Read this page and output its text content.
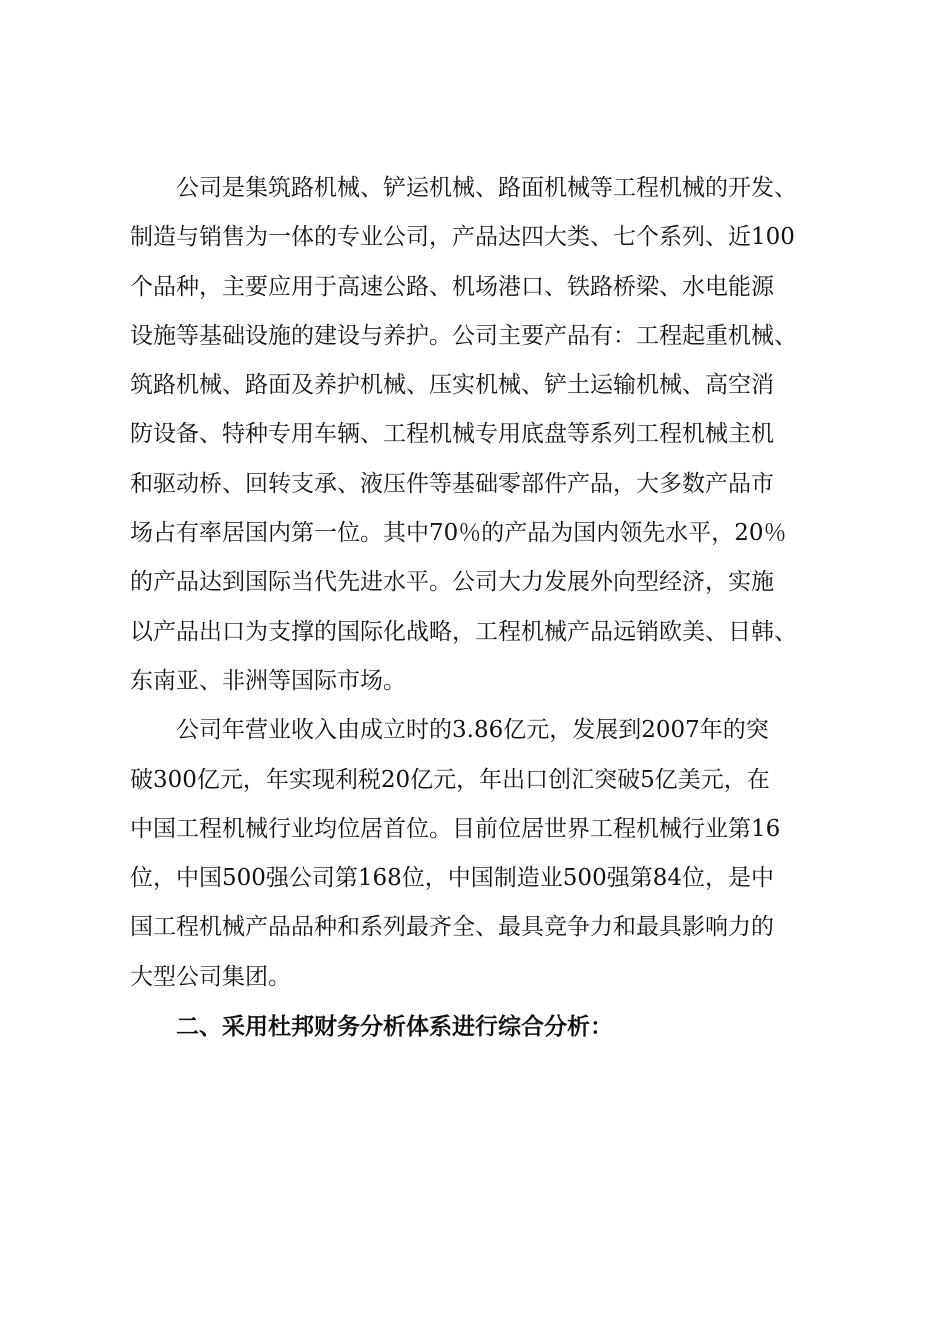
公司是集筑路机械、铲运机械、路面机械等工程机械的开发、
制造与销售为一体的专业公司，产品达四大类、七个系列、近100
个品种，主要应用于高速公路、机场港口、铁路桥梁、水电能源
设施等基础设施的建设与养护。公司主要产品有：工程起重机械、
筑路机械、路面及养护机械、压实机械、铲土运输机械、高空消
防设备、特种专用车辆、工程机械专用底盘等系列工程机械主机
和驱动桥、回转支承、液压件等基础零部件产品，大多数产品市
场占有率居国内第一位。其中70％的产品为国内领先水平，20％
的产品达到国际当代先进水平。公司大力发展外向型经济，实施
以产品出口为支撑的国际化战略，工程机械产品远销欧美、日韩、
东南亚、非洲等国际市场。
公司年营业收入由成立时的3.86亿元，发展到2007年的突
破300亿元，年实现利税20亿元，年出口创汇突破5亿美元，在
中国工程机械行业均位居首位。目前位居世界工程机械行业第16
位，中国500强公司第168位，中国制造业500强第84位，是中
国工程机械产品品种和系列最齐全、最具竞争力和最具影响力的
大型公司集团。
二、采用杜邦财务分析体系进行综合分析：
